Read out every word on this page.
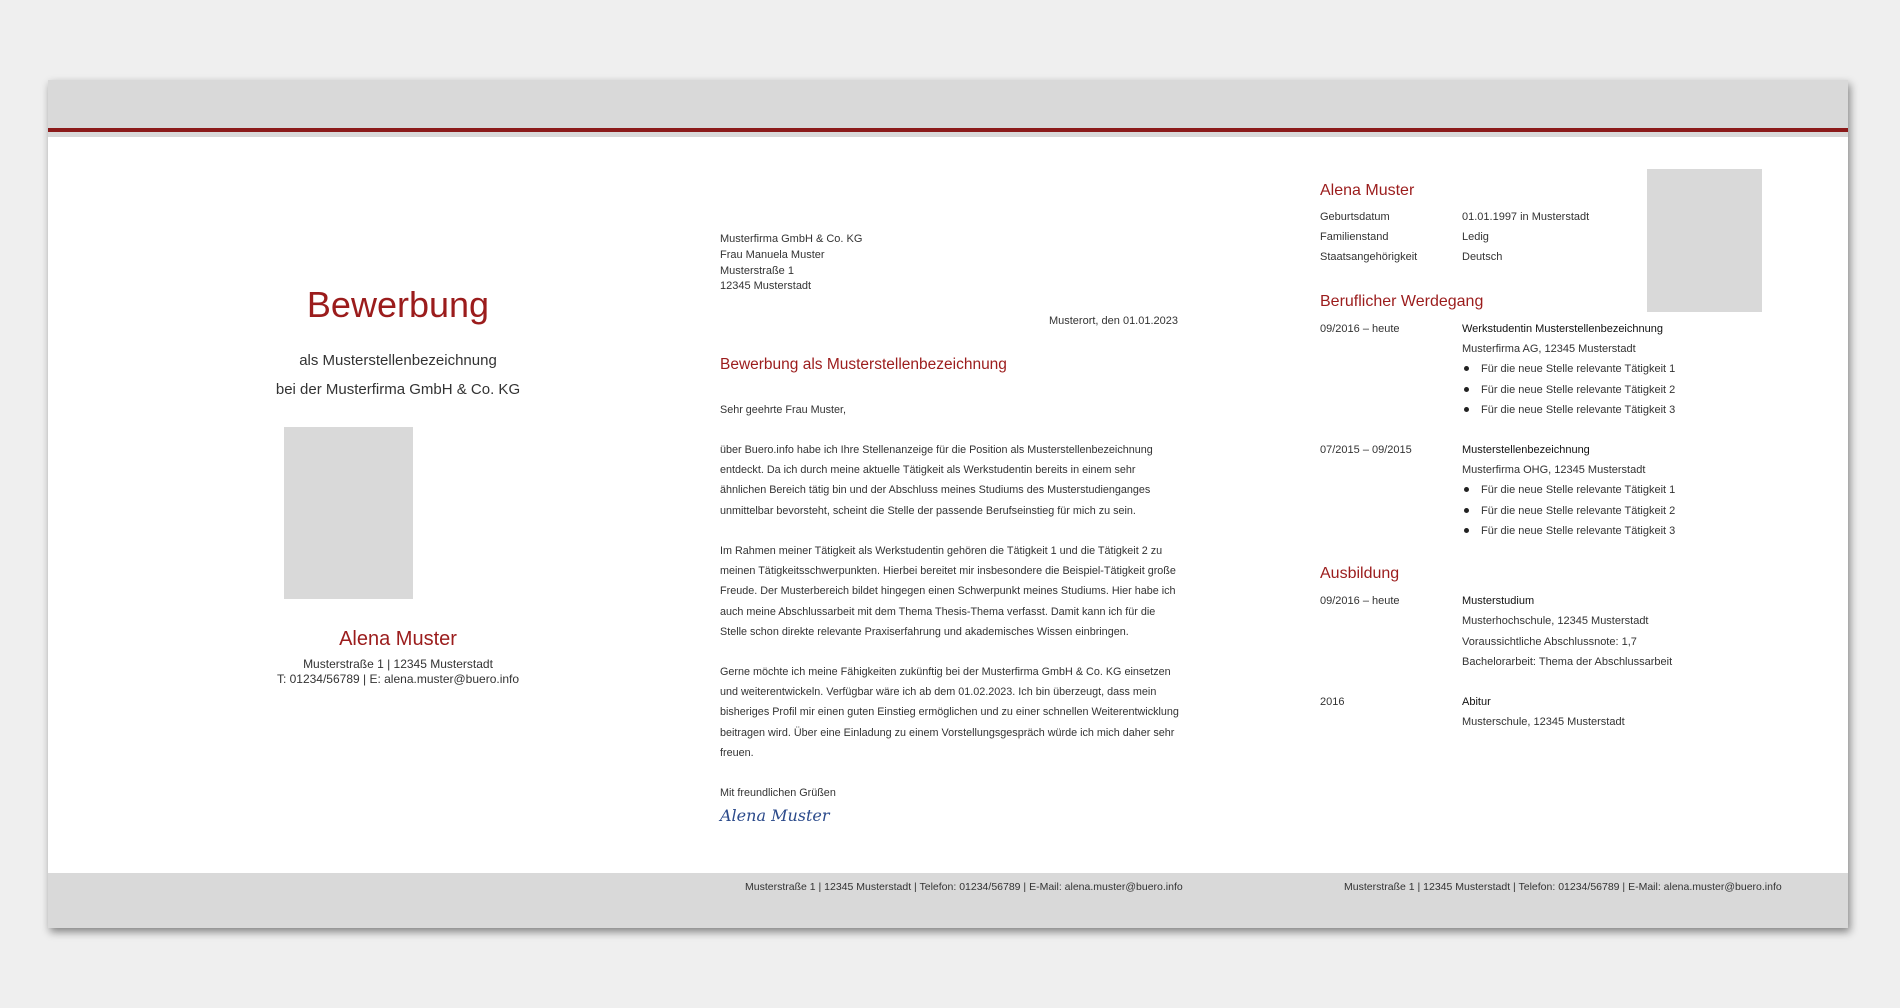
Bewerbung
als Musterstellenbezeichnung
bei der Musterfirma GmbH & Co. KG
Alena Muster
Musterstraße 1 | 12345 Musterstadt
T: 01234/56789 | E: alena.muster@buero.info
Musterfirma GmbH & Co. KG
Frau Manuela Muster
Musterstraße 1
12345 Musterstadt
Musterort, den 01.01.2023
Bewerbung als Musterstellenbezeichnung
Sehr geehrte Frau Muster,

über Buero.info habe ich Ihre Stellenanzeige für die Position als Musterstellenbezeichnung

entdeckt. Da ich durch meine aktuelle Tätigkeit als Werkstudentin bereits in einem sehr

ähnlichen Bereich tätig bin und der Abschluss meines Studiums des Musterstudienganges

unmittelbar bevorsteht, scheint die Stelle der passende Berufseinstieg für mich zu sein.

Im Rahmen meiner Tätigkeit als Werkstudentin gehören die Tätigkeit 1 und die Tätigkeit 2 zu

meinen Tätigkeitsschwerpunkten. Hierbei bereitet mir insbesondere die Beispiel-Tätigkeit große

Freude. Der Musterbereich bildet hingegen einen Schwerpunkt meines Studiums. Hier habe ich

auch meine Abschlussarbeit mit dem Thema Thesis-Thema verfasst. Damit kann ich für die

Stelle schon direkte relevante Praxiserfahrung und akademisches Wissen einbringen.

Gerne möchte ich meine Fähigkeiten zukünftig bei der Musterfirma GmbH & Co. KG einsetzen

und weiterentwickeln. Verfügbar wäre ich ab dem 01.02.2023. Ich bin überzeugt, dass mein

bisheriges Profil mir einen guten Einstieg ermöglichen und zu einer schnellen Weiterentwicklung

beitragen wird. Über eine Einladung zu einem Vorstellungsgespräch würde ich mich daher sehr

freuen.

Mit freundlichen Grüßen
Alena Muster
Alena Muster
Geburtsdatum	01.01.1997 in Musterstadt
Familienstand	Ledig
Staatsangehörigkeit	Deutsch
Beruflicher Werdegang
09/2016 – heute	Werkstudentin Musterstellenbezeichnung
Musterfirma AG, 12345 Musterstadt
Für die neue Stelle relevante Tätigkeit 1
Für die neue Stelle relevante Tätigkeit 2
Für die neue Stelle relevante Tätigkeit 3
07/2015 – 09/2015	Musterstellenbezeichnung
Musterfirma OHG, 12345 Musterstadt
Für die neue Stelle relevante Tätigkeit 1
Für die neue Stelle relevante Tätigkeit 2
Für die neue Stelle relevante Tätigkeit 3
Ausbildung
09/2016 – heute	Musterstudium
Musterhochschule, 12345 Musterstadt
Voraussichtliche Abschlussnote: 1,7
Bachelorarbeit: Thema der Abschlussarbeit
2016	Abitur
Musterschule, 12345 Musterstadt
Musterstraße 1 | 12345 Musterstadt | Telefon: 01234/56789 | E-Mail: alena.muster@buero.info	Musterstraße 1 | 12345 Musterstadt | Telefon: 01234/56789 | E-Mail: alena.muster@buero.info
